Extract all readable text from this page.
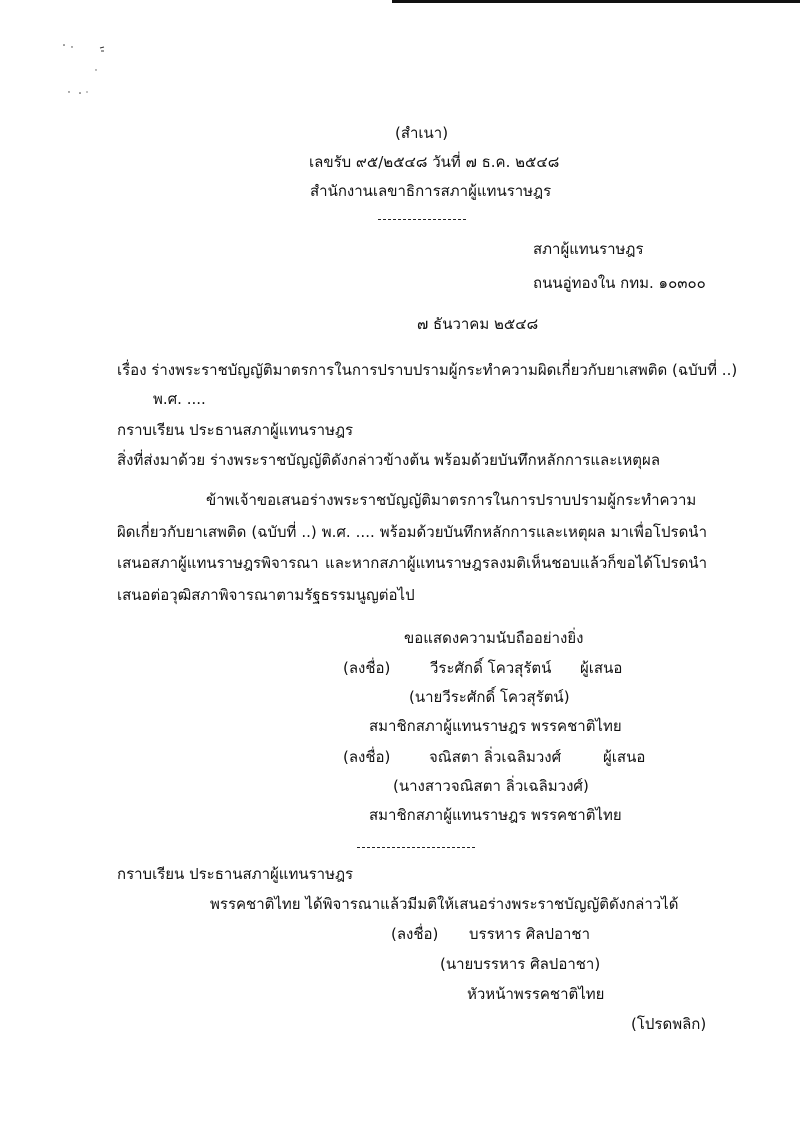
(สำเนา)
เลขรับ ๙๕/๒๕๔๘ วันที่ ๗ ธ.ค. ๒๕๔๘
สำนักงานเลขาธิการสภาผู้แทนราษฎร
สภาผู้แทนราษฎร
ถนนอู่ทองใน กทม. ๑๐๓๐๐
๗ ธันวาคม ๒๕๔๘
เรื่อง ร่างพระราชบัญญัติมาตรการในการปราบปรามผู้กระทำความผิดเกี่ยวกับยาเสพติด (ฉบับที่ ..)
พ.ศ. ....
กราบเรียน ประธานสภาผู้แทนราษฎร
สิ่งที่ส่งมาด้วย ร่างพระราชบัญญัติดังกล่าวข้างต้น พร้อมด้วยบันทึกหลักการและเหตุผล
ข้าพเจ้าขอเสนอร่างพระราชบัญญัติมาตรการในการปราบปรามผู้กระทำความผิดเกี่ยวกับยาเสพติด (ฉบับที่ ..) พ.ศ. .... พร้อมด้วยบันทึกหลักการและเหตุผล มาเพื่อโปรดนำเสนอสภาผู้แทนราษฎรพิจารณา และหากสภาผู้แทนราษฎรลงมติเห็นชอบแล้วก็ขอได้โปรดนำเสนอต่อวุฒิสภาพิจารณาตามรัฐธรรมนูญต่อไป
ขอแสดงความนับถืออย่างยิ่ง
(ลงชื่อ)	วีระศักดิ์ โควสุรัตน์ ผู้เสนอ
(นายวีระศักดิ์ โควสุรัตน์)
สมาชิกสภาผู้แทนราษฎร พรรคชาติไทย
(ลงชื่อ)	จณิสตา ลิ่วเฉลิมวงศ์	ผู้เสนอ
(นางสาวจณิสตา ลิ่วเฉลิมวงศ์)
สมาชิกสภาผู้แทนราษฎร พรรคชาติไทย
กราบเรียน ประธานสภาผู้แทนราษฎร
พรรคชาติไทย ได้พิจารณาแล้วมีมติให้เสนอร่างพระราชบัญญัติดังกล่าวได้
(ลงชื่อ) บรรหาร ศิลปอาชา
(นายบรรหาร ศิลปอาชา)
หัวหน้าพรรคชาติไทย
(โปรดพลิก)
